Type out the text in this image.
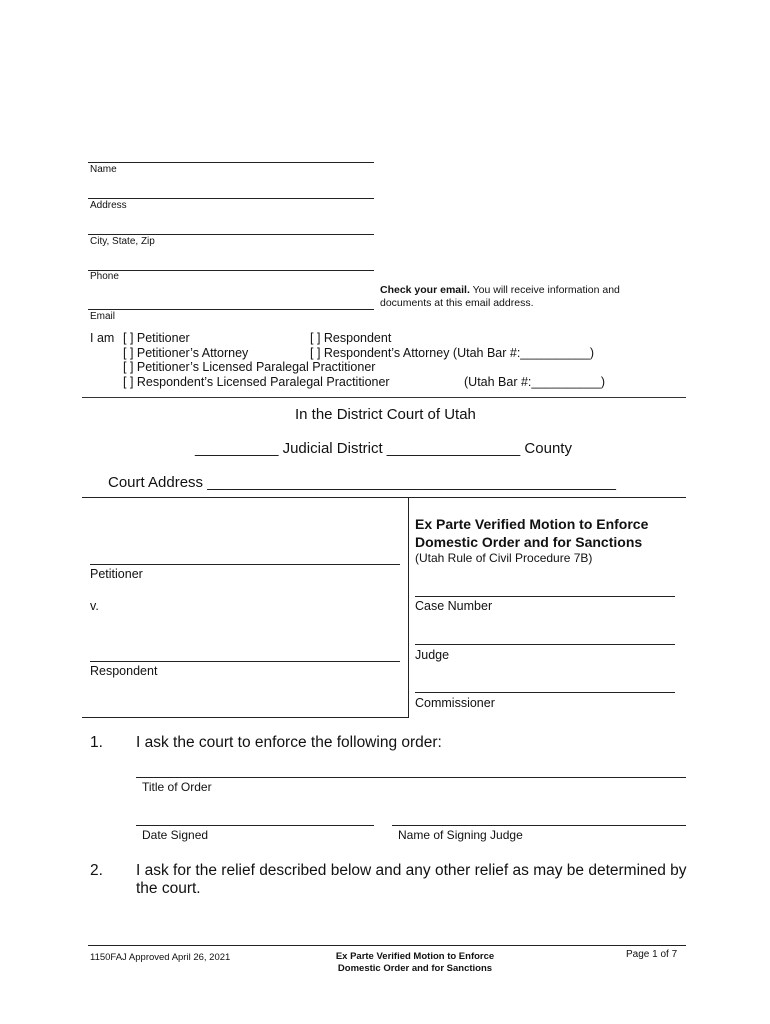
Name
Address
City, State, Zip
Phone
Email
Check your email. You will receive information and
documents at this email address.
I am [ ] Petitioner	[ ] Respondent
[ ] Petitioner’s Attorney	[ ] Respondent’s Attorney (Utah Bar #:__________)
[ ] Petitioner’s Licensed Paralegal Practitioner
[ ] Respondent’s Licensed Paralegal Practitioner	(Utah Bar #:__________)
In the District Court of Utah
__________ Judicial District ________________ County
Court Address _________________________________________________
Petitioner
v.
Respondent
Ex Parte Verified Motion to Enforce
Domestic Order and for Sanctions
(Utah Rule of Civil Procedure 7B)
Case Number
Judge
Commissioner
1. I ask the court to enforce the following order:
Title of Order
Date Signed	Name of Signing Judge
2. I ask for the relief described below and any other relief as may be determined by
the court.
1150FAJ Approved April 26, 2021	Ex Parte Verified Motion to Enforce
Domestic Order and for Sanctions
Page 1 of 7
